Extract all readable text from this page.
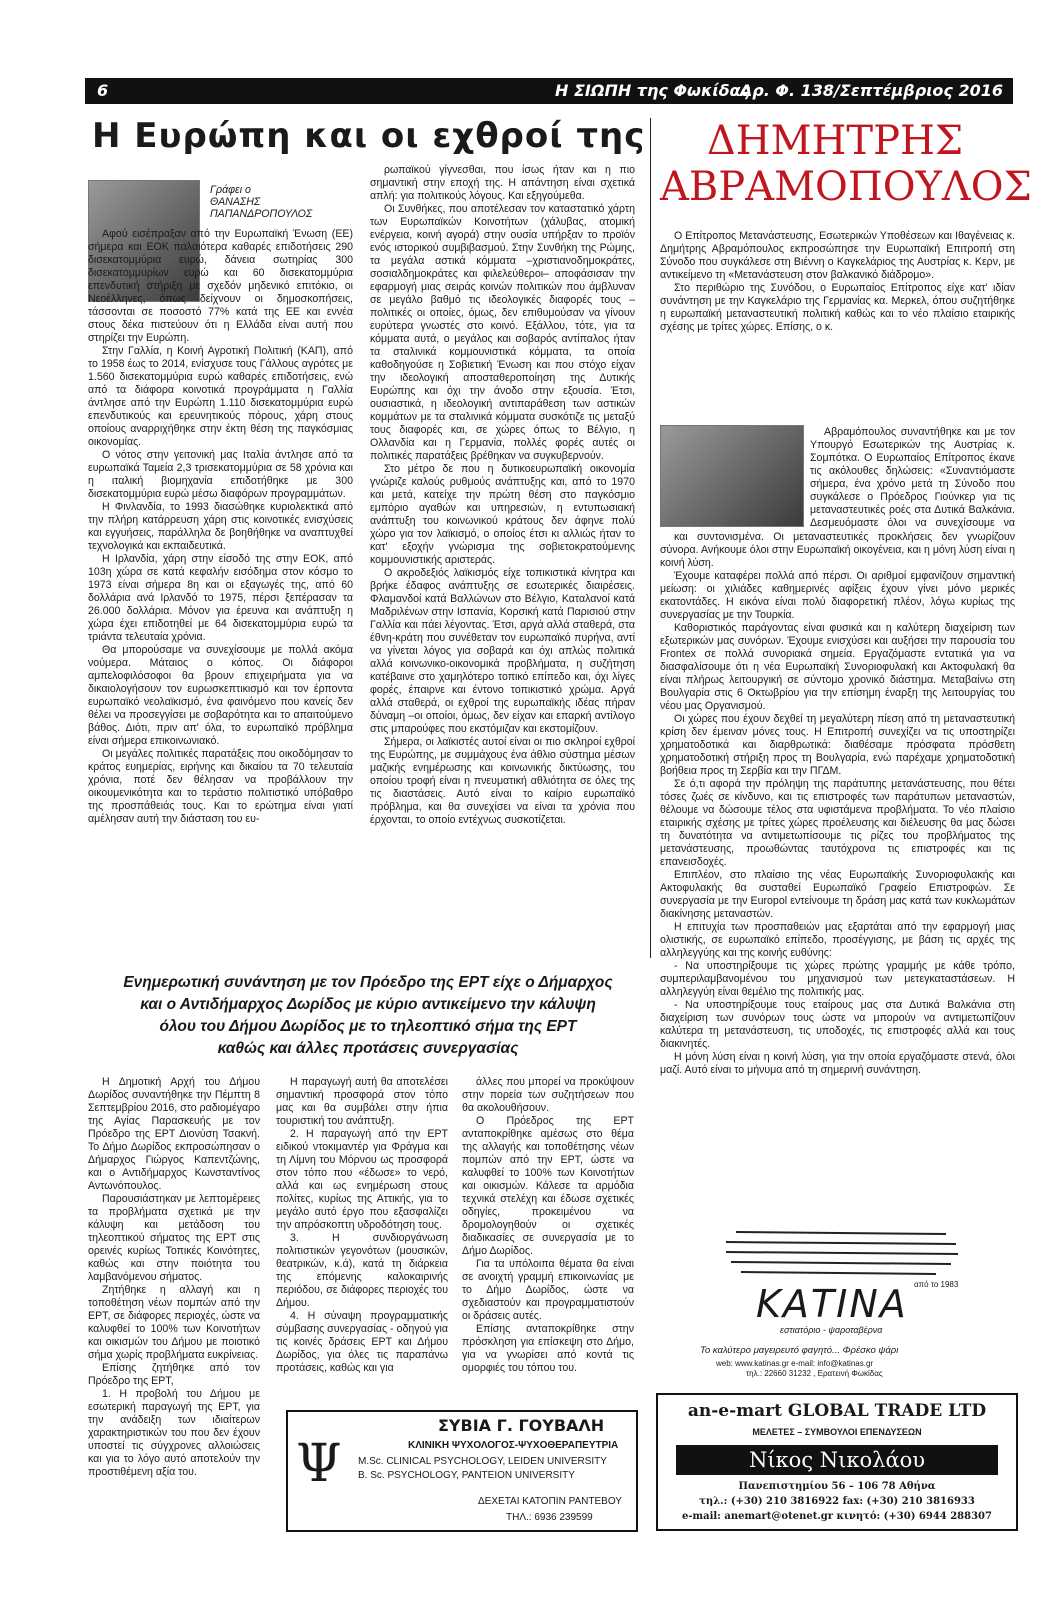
6	Η ΣΙΩΠΗ της Φωκίδας
Αρ. Φ. 138/Σεπτέμβριος 2016
Η Ευρώπη και οι εχθροί της
Γράφει ο
ΘΑΝΑΣΗΣ
ΠΑΠΑΝΔΡΟΠΟΥΛΟΣ

Αφού εισέπραξαν από την Ευρωπαϊκή Ένωση (ΕΕ) σήμερα και ΕΟΚ παλαιότερα καθαρές επιδοτήσεις 290 δισεκατομμύρια ευρώ, δάνεια σωτηρίας 300 δισεκατομμυρίων ευρώ και 60 δισεκατομμύρια επενδυτική στήριξη με σχεδόν μηδενικό επιτόκιο, οι Νεοέλληνες, όπως δείχνουν οι δημοσκοπήσεις, τάσσονται σε ποσοστό 77% κατά της ΕΕ και εννέα στους δέκα πιστεύουν ότι η Ελλάδα είναι αυτή που στηρίζει την Ευρώπη.

Στην Γαλλία, η Κοινή Αγροτική Πολιτική (ΚΑΠ), από το 1958 έως το 2014, ενίσχυσε τους Γάλλους αγρότες με 1.560 δισεκατομμύρια ευρώ καθαρές επιδοτήσεις, ενώ από τα διάφορα κοινοτικά προγράμματα η Γαλλία άντλησε από την Ευρώπη 1.110 δισεκατομμύρια ευρώ επενδυτικούς και ερευνητικούς πόρους, χάρη στους οποίους αναρριχήθηκε στην έκτη θέση της παγκόσμιας οικονομίας.

Ο νότος στην γειτονική μας Ιταλία άντλησε από τα ευρωπαϊκά Ταμεία 2,3 τρισεκατομμύρια σε 58 χρόνια και η ιταλική βιομηχανία επιδοτήθηκε με 300 δισεκατομμύρια ευρώ μέσω διαφόρων προγραμμάτων.

Η Φινλανδία, το 1993 διασώθηκε κυριολεκτικά από την πλήρη κατάρρευση χάρη στις κοινοτικές ενισχύσεις και εγγυήσεις, παράλληλα δε βοηθήθηκε να αναπτυχθεί τεχνολογικά και εκπαιδευτικά.

Η Ιρλανδία, χάρη στην είσοδό της στην ΕΟΚ, από 103η χώρα σε κατά κεφαλήν εισόδημα στον κόσμο το 1973 είναι σήμερα 8η και οι εξαγωγές της, από 60 δολλάρια ανά Ιρλανδό το 1975, πέρσι ξεπέρασαν τα 26.000 δολλάρια. Μόνον για έρευνα και ανάπτυξη η χώρα έχει επιδοτηθεί με 64 δισεκατομμύρια ευρώ τα τριάντα τελευταία χρόνια.

Θα μπορούσαμε να συνεχίσουμε με πολλά ακόμα νούμερα. Μάταιος ο κόπος. Οι διάφοροι αμπελοφιλόσοφοι θα βρουν επιχειρήματα για να δικαιολογήσουν τον ευρωσκεπτικισμό και τον έρποντα ευρωπαϊκό νεολαϊκισμό, ένα φαινόμενο που κανείς δεν θέλει να προσεγγίσει με σοβαρότητα και το απαιτούμενο βάθος. Διότι, πριν απ' όλα, το ευρωπαϊκό πρόβλημα είναι σήμερα επικοινωνιακό.

Οι μεγάλες πολιτικές παρατάξεις που οικοδόμησαν το κράτος ευημερίας, ειρήνης και δικαίου τα 70 τελευταία χρόνια, ποτέ δεν θέλησαν να προβάλλουν την οικουμενικότητα και το τεράστιο πολιτιστικό υπόβαθρο της προσπάθειάς τους. Και το ερώτημα είναι γιατί αμέλησαν αυτή την διάσταση του ευ-

ρωπαϊκού γίγνεσθαι, που ίσως ήταν και η πιο σημαντική στην εποχή της. Η απάντηση είναι σχετικά απλή: για πολιτικούς λόγους. Και εξηγούμεθα.

Οι Συνθήκες, που αποτέλεσαν τον καταστατικό χάρτη των Ευρωπαϊκών Κοινοτήτων (χάλυβας, ατομική ενέργεια, κοινή αγορά) στην ουσία υπήρξαν το προϊόν ενός ιστορικού συμβιβασμού. Στην Συνθήκη της Ρώμης, τα μεγάλα αστικά κόμματα –χριστιανοδημοκράτες, σοσιαλδημοκράτες και φιλελεύθεροι– αποφάσισαν την εφαρμογή μιας σειράς κοινών πολιτικών που άμβλυναν σε μεγάλο βαθμό τις ιδεολογικές διαφορές τους –πολιτικές οι οποίες, όμως, δεν επιθυμούσαν να γίνουν ευρύτερα γνωστές στο κοινό. Εξάλλου, τότε, για τα κόμματα αυτά, ο μεγάλος και σοβαρός αντίπαλος ήταν τα σταλινικά κομμουνιστικά κόμματα, τα οποία καθοδηγούσε η Σοβιετική Ένωση και που στόχο είχαν την ιδεολογική αποσταθεροποίηση της Δυτικής Ευρώπης και όχι την άνοδο στην εξουσία. Έτσι, ουσιαστικά, η ιδεολογική αντιπαράθεση των αστικών κομμάτων με τα σταλινικά κόμματα συσκότιζε τις μεταξύ τους διαφορές και, σε χώρες όπως το Βέλγιο, η Ολλανδία και η Γερμανία, πολλές φορές αυτές οι πολιτικές παρατάξεις βρέθηκαν να συγκυβερνούν.

Στο μέτρο δε που η δυτικοευρωπαϊκή οικονομία γνώριζε καλούς ρυθμούς ανάπτυξης και, από το 1970 και μετά, κατείχε την πρώτη θέση στο παγκόσμιο εμπόριο αγαθών και υπηρεσιών, η εντυπωσιακή ανάπτυξη του κοινωνικού κράτους δεν άφηνε πολύ χώρο για τον λαϊκισμό, ο οποίος έτσι κι αλλιώς ήταν το κατ' εξοχήν γνώρισμα της σοβιετοκρατούμενης κομμουνιστικής αριστεράς.

Ο ακροδεξιός λαϊκισμός είχε τοπικιστικά κίνητρα και βρήκε έδαφος ανάπτυξης σε εσωτερικές διαιρέσεις. Φλαμανδοί κατά Βαλλώνων στο Βέλγιο, Καταλανοί κατά Μαδριλένων στην Ισπανία, Κορσική κατά Παρισιού στην Γαλλία και πάει λέγοντας. Έτσι, αργά αλλά σταθερά, στα έθνη-κράτη που συνέθεταν τον ευρωπαϊκό πυρήνα, αντί να γίνεται λόγος για σοβαρά και όχι απλώς πολιτικά αλλά κοινωνικο-οικονομικά προβλήματα, η συζήτηση κατέβαινε στο χαμηλότερο τοπικό επίπεδο και, όχι λίγες φορές, έπαιρνε και έντονο τοπικιστικό χρώμα. Αργά αλλά σταθερά, οι εχθροί της ευρωπαϊκής ιδέας πήραν δύναμη –οι οποίοι, όμως, δεν είχαν και επαρκή αντίλογο στις μπαρούφες που εκστόμιζαν και εκστομίζουν.

Σήμερα, οι λαϊκιστές αυτοί είναι οι πιο σκληροί εχθροί της Ευρώπης, με συμμάχους ένα άθλιο σύστημα μέσων μαζικής ενημέρωσης και κοινωνικής δικτύωσης, του οποίου τροφή είναι η πνευματική αθλιότητα σε όλες της τις διαστάσεις. Αυτό είναι το καίριο ευρωπαϊκό πρόβλημα, και θα συνεχίσει να είναι τα χρόνια που έρχονται, το οποίο εντέχνως συσκοτίζεται.

ΔΗΜΗΤΡΗΣ
ΑΒΡΑΜΟΠΟΥΛΟΣ

Ο Επίτροπος Μετανάστευσης, Εσωτερικών Υποθέσεων και Ιθαγένειας κ. Δημήτρης Αβραμόπουλος εκπροσώπησε την Ευρωπαϊκή Επιτροπή στη Σύνοδο που συγκάλεσε στη Βιέννη ο Καγκελάριος της Αυστρίας κ. Κερν, με αντικείμενο τη «Μετανάστευση στον βαλκανικό διάδρομο».

Στο περιθώριο της Συνόδου, ο Ευρωπαίος Επίτροπος είχε κατ' ιδίαν συνάντηση με την Καγκελάριο της Γερμανίας κα. Μερκελ, όπου συζητήθηκε η ευρωπαϊκή μεταναστευτική πολιτική καθώς και το νέο πλαίσιο εταιρικής σχέσης με τρίτες χώρες. Επίσης, ο κ.

Αβραμόπουλος συναντήθηκε και με τον Υπουργό Εσωτερικών της Αυστρίας κ. Σομπότκα. Ο Ευρωπαίος Επίτροπος έκανε τις ακόλουθες δηλώσεις: «Συναντιόμαστε σήμερα, ένα χρόνο μετά τη Σύνοδο που συγκάλεσε ο Πρόεδρος Γιούνκερ για τις μεταναστευτικές ροές στα Δυτικά Βαλκάνια. Δεσμευόμαστε όλοι να συνεχίσουμε να

και συντονισμένα. Οι μεταναστευτικές προκλήσεις δεν γνωρίζουν σύνορα. Ανήκουμε όλοι στην Ευρωπαϊκή οικογένεια, και η μόνη λύση είναι η κοινή λύση.

Έχουμε καταφέρει πολλά από πέρσι. Οι αριθμοί εμφανίζουν σημαντική μείωση: οι χιλιάδες καθημερινές αφίξεις έχουν γίνει μόνο μερικές εκατοντάδες. Η εικόνα είναι πολύ διαφορετική πλέον, λόγω κυρίως της συνεργασίας με την Τουρκία.

Καθοριστικός παράγοντας είναι φυσικά και η καλύτερη διαχείριση των εξωτερικών μας συνόρων. Έχουμε ενισχύσει και αυξήσει την παρουσία του Frontex σε πολλά συνοριακά σημεία. Εργαζόμαστε εντατικά για να διασφαλίσουμε ότι η νέα Ευρωπαϊκή Συνοριοφυλακή και Ακτοφυλακή θα είναι πλήρως λειτουργική σε σύντομο χρονικό διάστημα. Μεταβαίνω στη Βουλγαρία στις 6 Οκτωβρίου για την επίσημη έναρξη της λειτουργίας του νέου μας Οργανισμού.

Οι χώρες που έχουν δεχθεί τη μεγαλύτερη πίεση από τη μεταναστευτική κρίση δεν έμειναν μόνες τους. Η Επιτροπή συνεχίζει να τις υποστηρίζει χρηματοδοτικά και διαρθρωτικά: διαθέσαμε πρόσφατα πρόσθετη χρηματοδοτική στήριξη προς τη Βουλγαρία, ενώ παρέχαμε χρηματοδοτική βοήθεια προς τη Σερβία και την ΠΓΔΜ.

Σε ό,τι αφορά την πρόληψη της παράτυπης μετανάστευσης, που θέτει τόσες ζωές σε κίνδυνο, και τις επιστροφές των παράτυπων μεταναστών, θέλουμε να δώσουμε τέλος στα υφιστάμενα προβλήματα. Το νέο πλαίσιο εταιρικής σχέσης με τρίτες χώρες προέλευσης και διέλευσης θα μας δώσει τη δυνατότητα να αντιμετωπίσουμε τις ρίζες του προβλήματος της μετανάστευσης, προωθώντας ταυτόχρονα τις επιστροφές και τις επανεισδοχές.

Επιπλέον, στο πλαίσιο της νέας Ευρωπαϊκής Συνοριοφυλακής και Ακτοφυλακής θα συσταθεί Ευρωπαϊκό Γραφείο Επιστροφών. Σε συνεργασία με την Europol εντείνουμε τη δράση μας κατά των κυκλωμάτων διακίνησης μεταναστών.

Η επιτυχία των προσπαθειών μας εξαρτάται από την εφαρμογή μιας ολιστικής, σε ευρωπαϊκό επίπεδο, προσέγγισης, με βάση τις αρχές της αλληλεγγύης και της κοινής ευθύνης:

- Να υποστηρίξουμε τις χώρες πρώτης γραμμής με κάθε τρόπο, συμπεριλαμβανομένου του μηχανισμού των μετεγκαταστάσεων. Η αλληλεγγύη είναι θεμέλιο της πολιτικής μας.

- Να υποστηρίξουμε τους εταίρους μας στα Δυτικά Βαλκάνια στη διαχείριση των συνόρων τους ώστε να μπορούν να αντιμετωπίζουν καλύτερα τη μετανάστευση, τις υποδοχές, τις επιστροφές αλλά και τους διακινητές.

Η μόνη λύση είναι η κοινή λύση, για την οποία εργαζόμαστε στενά, όλοι μαζί. Αυτό είναι το μήνυμα από τη σημερινή συνάντηση.

Ενημερωτική συνάντηση με τον Πρόεδρο της ΕΡΤ είχε ο Δήμαρχος
και ο Αντιδήμαρχος Δωρίδος με κύριο αντικείμενο την κάλυψη
όλου του Δήμου Δωρίδος με το τηλεοπτικό σήμα της ΕΡΤ
καθώς και άλλες προτάσεις συνεργασίας

Η Δημοτική Αρχή του Δήμου Δωρίδος συναντήθηκε την Πέμπτη 8 Σεπτεμβρίου 2016, στο ραδιομέγαρο της Αγίας Παρασκευής με τον Πρόεδρο της ΕΡΤ Διονύση Τσακνή. Το Δήμο Δωρίδος εκπροσώπησαν ο Δήμαρχος Γιώργος Καπεντζώνης, και ο Αντιδήμαρχος Κωνσταντίνος Αντωνόπουλος.

Παρουσιάστηκαν με λεπτομέρειες τα προβλήματα σχετικά με την κάλυψη και μετάδοση του τηλεοπτικού σήματος της ΕΡΤ στις ορεινές κυρίως Τοπικές Κοινότητες, καθώς και στην ποιότητα του λαμβανόμενου σήματος.

Ζητήθηκε η αλλαγή και η τοποθέτηση νέων πομπών από την ΕΡΤ, σε διάφορες περιοχές, ώστε να καλυφθεί το 100% των Κοινοτήτων και οικισμών του Δήμου με ποιοτικό σήμα χωρίς προβλήματα ευκρίνειας.

Επίσης ζητήθηκε από τον Πρόεδρο της ΕΡΤ,

1. Η προβολή του Δήμου με εσωτερική παραγωγή της ΕΡΤ, για την ανάδειξη των ιδιαίτερων χαρακτηριστικών του που δεν έχουν υποστεί τις σύγχρονες αλλοιώσεις και για το λόγο αυτό αποτελούν την προστιθέμενη αξία του.

Η παραγωγή αυτή θα αποτελέσει σημαντική προσφορά στον τόπο μας και θα συμβάλει στην ήπια τουριστική του ανάπτυξη.

2. Η παραγωγή από την ΕΡΤ ειδικού ντοκιμαντέρ για Φράγμα και τη Λίμνη του Μόρνου ως προσφορά στον τόπο που «έδωσε» το νερό, αλλά και ως ενημέρωση στους πολίτες, κυρίως της Αττικής, για το μεγάλο αυτό έργο που εξασφαλίζει την απρόσκοπτη υδροδότηση τους.

3. Η συνδιοργάνωση πολιτιστικών γεγονότων (μουσικών, θεατρικών, κ.ά), κατά τη διάρκεια της επόμενης καλοκαιρινής περιόδου, σε διάφορες περιοχές του Δήμου.

4. Η σύναψη προγραμματικής σύμβασης συνεργασίας - οδηγού για τις κοινές δράσεις ΕΡΤ και Δήμου Δωρίδος, για όλες τις παραπάνω προτάσεις, καθώς και για

άλλες που μπορεί να προκύψουν στην πορεία των συζητήσεων που θα ακολουθήσουν.

Ο Πρόεδρος της ΕΡΤ ανταποκρίθηκε αμέσως στο θέμα της αλλαγής και τοποθέτησης νέων πομπών από την ΕΡΤ, ώστε να καλυφθεί το 100% των Κοινοτήτων και οικισμών. Κάλεσε τα αρμόδια τεχνικά στελέχη και έδωσε σχετικές οδηγίες, προκειμένου να δρομολογηθούν οι σχετικές διαδικασίες σε συνεργασία με το Δήμο Δωρίδος.

Για τα υπόλοιπα θέματα θα είναι σε ανοιχτή γραμμή επικοινωνίας με το Δήμο Δωρίδος, ώστε να σχεδιαστούν και προγραμματιστούν οι δράσεις αυτές.

Επίσης ανταποκρίθηκε στην πρόσκληση για επίσκεψη στο Δήμο, για να γνωρίσει από κοντά τις ομορφιές του τόπου του.

Ψ
ΣΥΒΙΑ Γ. ΓΟΥΒΑΛΗ
ΚΛΙΝΙΚΗ ΨΥΧΟΛΟΓΟΣ-ΨΥΧΟΘΕΡΑΠΕΥΤΡΙΑ
M.Sc. CLINICAL PSYCHOLOGY, LEIDEN UNIVERSITY
B. Sc. PSYCHOLOGY, PANTEION UNIVERSITY
ΔΕΧΕΤΑΙ ΚΑΤΟΠΙΝ ΡΑΝΤΕΒΟΥ
ΤΗΛ.: 6936 239599
από το 1983
ΚΑΤΙΝΑ
εστιατόριο - ψαροταβέρνα
Το καλύτερο μαγειρευτό φαγητό... Φρέσκο ψάρι
web: www.katinas.gr e-mail: info@katinas.gr
τηλ.: 22660 31232 , Ερατεινή Φωκίδας
an-e-mart GLOBAL TRADE LTD
ΜΕΛΕΤΕΣ – ΣΥΜΒΟΥΛΟΙ ΕΠΕΝΔΥΣΕΩΝ
Νίκος Νικολάου
Πανεπιστημίου 56 – 106 78 Αθήνα
τηλ.: (+30) 210 3816922 fax: (+30) 210 3816933
e-mail: anemart@otenet.gr κινητό: (+30) 6944 288307
